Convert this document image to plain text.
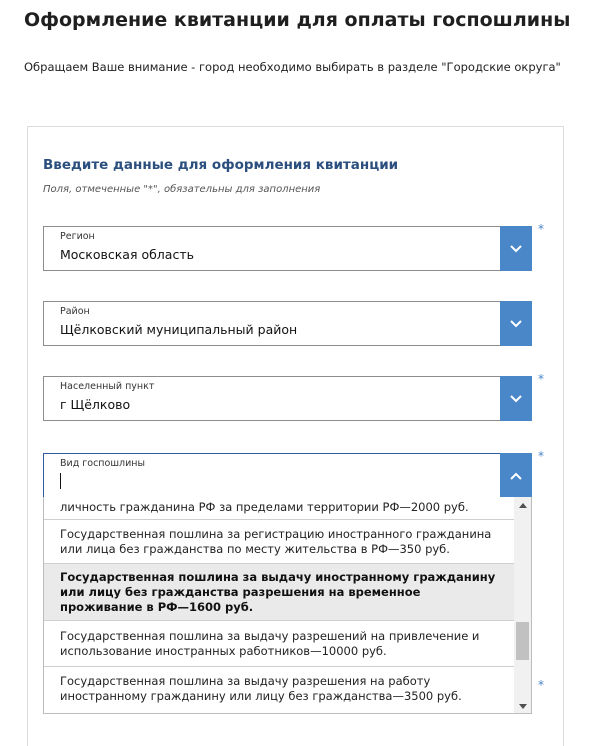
Оформление квитанции для оплаты госпошлины
Обращаем Ваше внимание - город необходимо выбирать в разделе "Городские округа"
Введите данные для оформления квитанции
Поля, отмеченные "*", обязательны для заполнения
Регион
Московская область
*
Район
Щёлковский муниципальный район
Населенный пункт
г Щёлково
*
Вид госпошлины
*
*
личность гражданина РФ за пределами территории РФ—2000 руб.
Государственная пошлина за регистрацию иностранного гражданина или лица без гражданства по месту жительства в РФ—350 руб.
Государственная пошлина за выдачу иностранному гражданину или лицу без гражданства разрешения на временное проживание в РФ—1600 руб.
Государственная пошлина за выдачу разрешений на привлечение и использование иностранных работников—10000 руб.
Государственная пошлина за выдачу разрешения на работу иностранному гражданину или лицу без гражданства—3500 руб.
